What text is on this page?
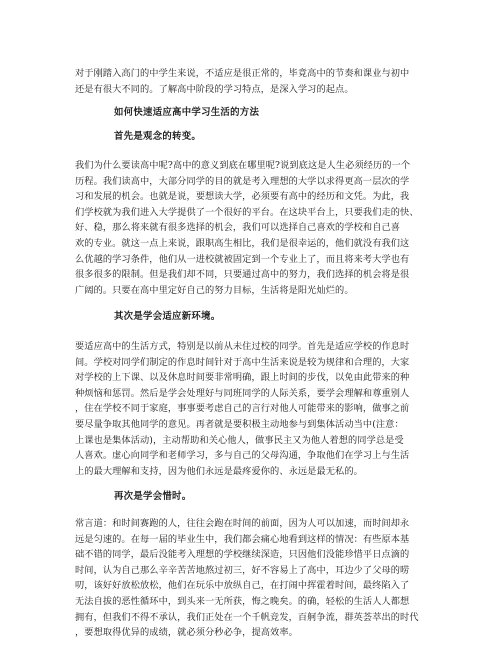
对于刚踏入高门的中学生来说，不适应是很正常的，毕竟高中的节奏和课业与初中
还是有很大不同的。了解高中阶段的学习特点，是深入学习的起点。

如何快速适应高中学习生活的方法
首先是观念的转变。

我们为什么要读高中呢?高中的意义到底在哪里呢?说到底这是人生必须经历的一个
历程。我们读高中，大部分同学的目的就是考入理想的大学以求得更高一层次的学
习和发展的机会。也就是说，要想读大学，必须要有高中的经历和文凭。为此，我
们学校就为我们进入大学提供了一个很好的平台。在这块平台上，只要我们走的快、
好、稳，那么将来就有很多选择的机会，我们可以选择自己喜欢的学校和自己喜
欢的专业。就这一点上来说，跟职高生相比，我们是很幸运的，他们就没有我们这
么优越的学习条件，他们从一进校就被固定到一个专业上了，而且将来考大学也有
很多很多的限制。但是我们却不同，只要通过高中的努力，我们选择的机会将是很
广阔的。只要在高中里定好自己的努力目标，生活将是阳光灿烂的。

其次是学会适应新环境。

要适应高中的生活方式，特别是以前从未住过校的同学。首先是适应学校的作息时
间。学校对同学们制定的作息时间针对于高中生活来说是较为规律和合理的，大家
对学校的上下课、以及休息时间要非常明确，跟上时间的步伐，以免由此带来的种
种烦恼和惩罚。然后是学会处理好与同班同学的人际关系，要学会理解和尊重别人
，住在学校不同于家庭，事事要考虑自己的言行对他人可能带来的影响，做事之前
要尽量争取其他同学的意见。再者就是要积极主动地参与到集体活动当中(注意：
上课也是集体活动)，主动帮助和关心他人，做事民主又为他人着想的同学总是受
人喜欢。虚心向同学和老师学习，多与自己的父母沟通，争取他们在学习上与生活
上的最大理解和支持，因为他们永远是最疼爱你的、永远是最无私的。

再次是学会惜时。

常言道：和时间赛跑的人，往往会跑在时间的前面，因为人可以加速，而时间却永
远是匀速的。在每一届的毕业生中，我们都会痛心地看到这样的情况：有些原本基
础不错的同学，最后没能考入理想的学校继续深造，只因他们没能珍惜平日点滴的
时间，认为自己那么辛辛苦苦地熬过初三，好不容易上了高中，耳边少了父母的唠
叨，该好好放松放松，他们在玩乐中放纵自己，在打闹中挥霍着时间，最终陷入了
无法自拔的恶性循环中，到头来一无所获，悔之晚矣。的确，轻松的生活人人都想
拥有，但我们不得不承认，我们正处在一个千帆竞发，百舸争流，群英荟萃出的时代
，要想取得优异的成绩，就必须分秒必争，提高效率。
